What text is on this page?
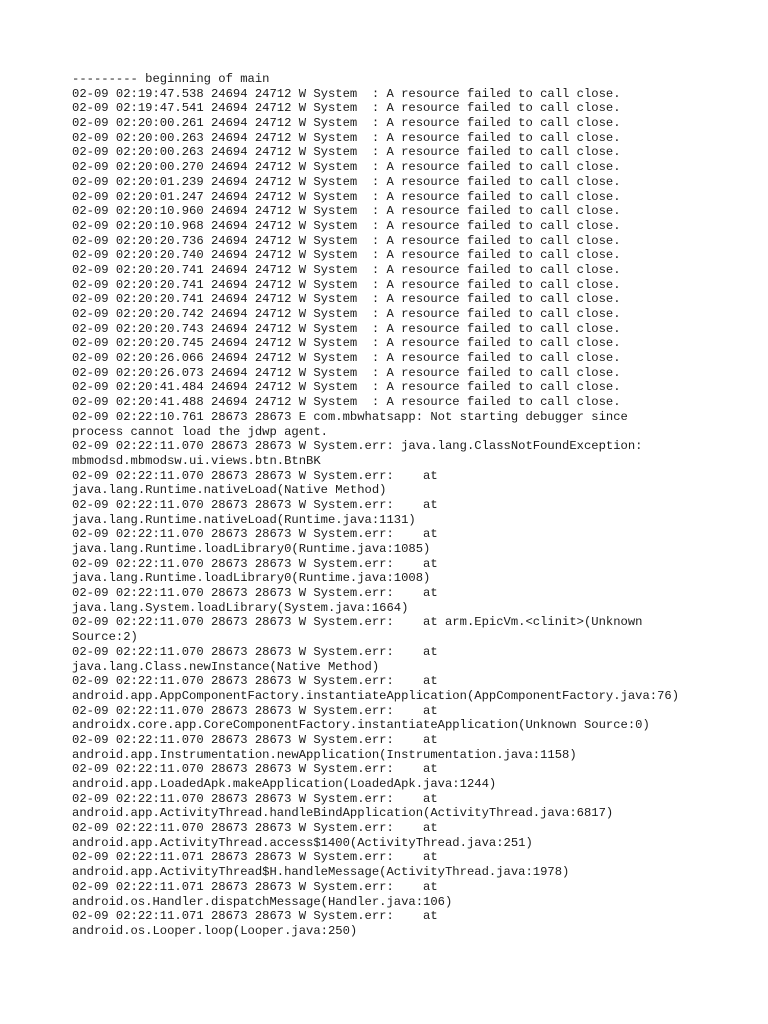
--------- beginning of main
02-09 02:19:47.538 24694 24712 W System  : A resource failed to call close.
02-09 02:19:47.541 24694 24712 W System  : A resource failed to call close.
02-09 02:20:00.261 24694 24712 W System  : A resource failed to call close.
02-09 02:20:00.263 24694 24712 W System  : A resource failed to call close.
02-09 02:20:00.263 24694 24712 W System  : A resource failed to call close.
02-09 02:20:00.270 24694 24712 W System  : A resource failed to call close.
02-09 02:20:01.239 24694 24712 W System  : A resource failed to call close.
02-09 02:20:01.247 24694 24712 W System  : A resource failed to call close.
02-09 02:20:10.960 24694 24712 W System  : A resource failed to call close.
02-09 02:20:10.968 24694 24712 W System  : A resource failed to call close.
02-09 02:20:20.736 24694 24712 W System  : A resource failed to call close.
02-09 02:20:20.740 24694 24712 W System  : A resource failed to call close.
02-09 02:20:20.741 24694 24712 W System  : A resource failed to call close.
02-09 02:20:20.741 24694 24712 W System  : A resource failed to call close.
02-09 02:20:20.741 24694 24712 W System  : A resource failed to call close.
02-09 02:20:20.742 24694 24712 W System  : A resource failed to call close.
02-09 02:20:20.743 24694 24712 W System  : A resource failed to call close.
02-09 02:20:20.745 24694 24712 W System  : A resource failed to call close.
02-09 02:20:26.066 24694 24712 W System  : A resource failed to call close.
02-09 02:20:26.073 24694 24712 W System  : A resource failed to call close.
02-09 02:20:41.484 24694 24712 W System  : A resource failed to call close.
02-09 02:20:41.488 24694 24712 W System  : A resource failed to call close.
02-09 02:22:10.761 28673 28673 E com.mbwhatsapp: Not starting debugger since
process cannot load the jdwp agent.
02-09 02:22:11.070 28673 28673 W System.err: java.lang.ClassNotFoundException:
mbmodsd.mbmodsw.ui.views.btn.BtnBK
02-09 02:22:11.070 28673 28673 W System.err:    at
java.lang.Runtime.nativeLoad(Native Method)
02-09 02:22:11.070 28673 28673 W System.err:    at
java.lang.Runtime.nativeLoad(Runtime.java:1131)
02-09 02:22:11.070 28673 28673 W System.err:    at
java.lang.Runtime.loadLibrary0(Runtime.java:1085)
02-09 02:22:11.070 28673 28673 W System.err:    at
java.lang.Runtime.loadLibrary0(Runtime.java:1008)
02-09 02:22:11.070 28673 28673 W System.err:    at
java.lang.System.loadLibrary(System.java:1664)
02-09 02:22:11.070 28673 28673 W System.err:    at arm.EpicVm.<clinit>(Unknown
Source:2)
02-09 02:22:11.070 28673 28673 W System.err:    at
java.lang.Class.newInstance(Native Method)
02-09 02:22:11.070 28673 28673 W System.err:    at
android.app.AppComponentFactory.instantiateApplication(AppComponentFactory.java:76)
02-09 02:22:11.070 28673 28673 W System.err:    at
androidx.core.app.CoreComponentFactory.instantiateApplication(Unknown Source:0)
02-09 02:22:11.070 28673 28673 W System.err:    at
android.app.Instrumentation.newApplication(Instrumentation.java:1158)
02-09 02:22:11.070 28673 28673 W System.err:    at
android.app.LoadedApk.makeApplication(LoadedApk.java:1244)
02-09 02:22:11.070 28673 28673 W System.err:    at
android.app.ActivityThread.handleBindApplication(ActivityThread.java:6817)
02-09 02:22:11.070 28673 28673 W System.err:    at
android.app.ActivityThread.access$1400(ActivityThread.java:251)
02-09 02:22:11.071 28673 28673 W System.err:    at
android.app.ActivityThread$H.handleMessage(ActivityThread.java:1978)
02-09 02:22:11.071 28673 28673 W System.err:    at
android.os.Handler.dispatchMessage(Handler.java:106)
02-09 02:22:11.071 28673 28673 W System.err:    at
android.os.Looper.loop(Looper.java:250)
